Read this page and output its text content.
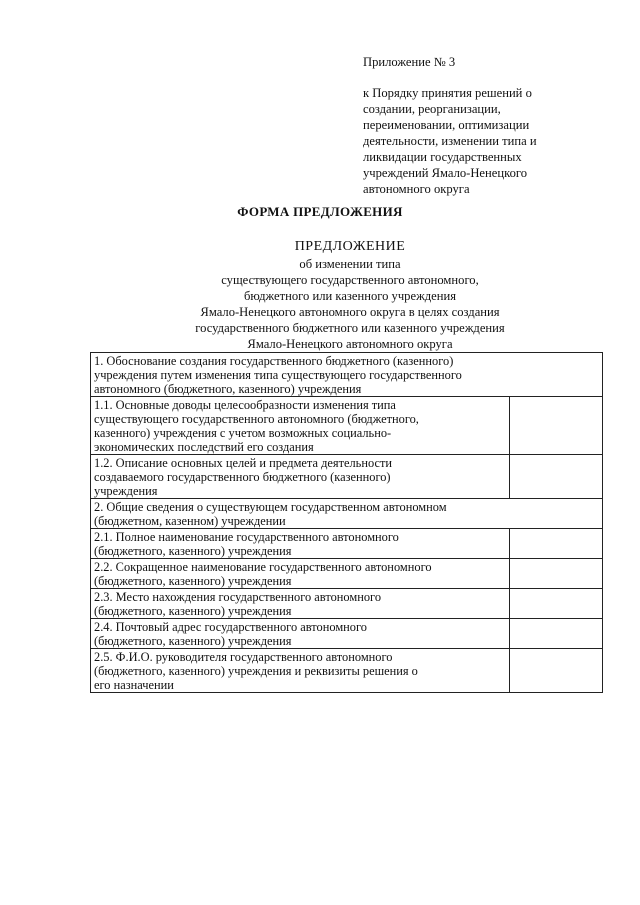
Приложение № 3
к Порядку принятия решений о
создании, реорганизации,
переименовании, оптимизации
деятельности, изменении типа и
ликвидации государственных
учреждений Ямало-Ненецкого
автономного округа
ФОРМА ПРЕДЛОЖЕНИЯ
ПРЕДЛОЖЕНИЕ
об изменении типа
существующего государственного автономного,
бюджетного или казенного учреждения
Ямало-Ненецкого автономного округа в целях создания
государственного бюджетного или казенного учреждения
Ямало-Ненецкого автономного округа
1. Обоснование создания государственного бюджетного (казенного)
учреждения путем изменения типа существующего государственного
автономного (бюджетного, казенного) учреждения	

1.1. Основные доводы целесообразности изменения типа
существующего государственного автономного (бюджетного,
казенного) учреждения с учетом возможных социально-
экономических последствий его создания	

1.2. Описание основных целей и предмета деятельности
создаваемого государственного бюджетного (казенного)
учреждения	

2. Общие сведения о существующем государственном автономном
(бюджетном, казенном) учреждении	

2.1. Полное наименование государственного автономного
(бюджетного, казенного) учреждения	

2.2. Сокращенное наименование государственного автономного
(бюджетного, казенного) учреждения	

2.3. Место нахождения государственного автономного
(бюджетного, казенного) учреждения	

2.4. Почтовый адрес государственного автономного
(бюджетного, казенного) учреждения	

2.5. Ф.И.О. руководителя государственного автономного
(бюджетного, казенного) учреждения и реквизиты решения о
его назначении	
